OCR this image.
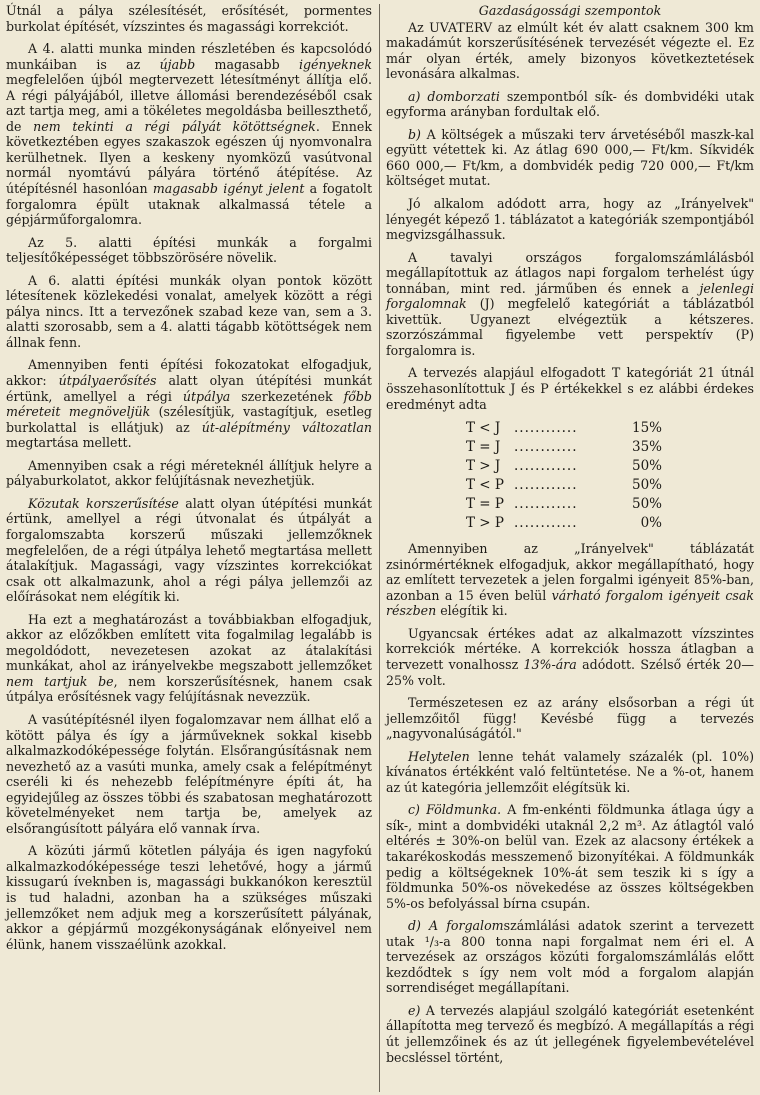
Útnál a pálya szélesítését, erősítését, pormentes burkolat építését, vízszintes és magassági korrekciót.

A 4. alatti munka minden részletében és kapcsolódó munkáiban is az újabb magasabb igényeknek megfelelően újból megtervezett létesítményt állítja elő. A régi pályájából, illetve állomási berendezéséből csak azt tartja meg, ami a tökéletes megoldásba beilleszthető, de nem tekinti a régi pályát kötöttségnek. Ennek következtében egyes szakaszok egészen új nyomvonalra kerülhetnek. Ilyen a keskeny nyomközű vasútvonal normál nyomtávú pályára történő átépítése. Az útépítésnél hasonlóan magasabb igényt jelent a fogatolt forgalomra épült utaknak alkalmassá tétele a gépjárműforgalomra.

Az 5. alatti építési munkák a forgalmi teljesítőképességet többszörösére növelik.

A 6. alatti építési munkák olyan pontok között létesítenek közlekedési vonalat, amelyek között a régi pálya nincs. Itt a tervezőnek szabad keze van, sem a 3. alatti szorosabb, sem a 4. alatti tágabb kötöttségek nem állnak fenn.

Amennyiben fenti építési fokozatokat elfogadjuk, akkor: útpályaerősítés alatt olyan útépítési munkát értünk, amellyel a régi útpálya szerkezetének főbb méreteit megnöveljük (szélesítjük, vastagítjuk, esetleg burkolattal is ellátjuk) az út-alépítmény változatlan megtartása mellett.

Amennyiben csak a régi méreteknél állítjuk helyre a pályaburkolatot, akkor felújításnak nevezhetjük.

Közutak korszerűsítése alatt olyan útépítési munkát értünk, amellyel a régi útvonalat és útpályát a forgalomszabta korszerű műszaki jellemzőknek megfelelően, de a régi útpálya lehető megtartása mellett átalakítjuk. Magassági, vagy vízszintes korrekciókat csak ott alkalmazunk, ahol a régi pálya jellemzői az előírásokat nem elégítik ki.

Ha ezt a meghatározást a továbbiakban elfogadjuk, akkor az előzőkben említett vita fogalmilag legalább is megoldódott, nevezetesen azokat az átalakítási munkákat, ahol az irányelvekbe megszabott jellemzőket nem tartjuk be, nem korszerűsítésnek, hanem csak útpálya erősítésnek vagy felújításnak nevezzük.

A vasútépítésnél ilyen fogalomzavar nem állhat elő a kötött pálya és így a járműveknek sokkal kisebb alkalmazkodóképessége folytán. Elsőrangúsításnak nem nevezhető az a vasúti munka, amely csak a felépítményt cseréli ki és nehezebb felépítményre építi át, ha egyidejűleg az összes többi és szabatosan meghatározott követelményeket nem tartja be, amelyek az elsőrangúsított pályára elő vannak írva.

A közúti jármű kötetlen pályája és igen nagyfokú alkalmazkodóképessége teszi lehetővé, hogy a jármű kissugarú íveknben is, magassági bukkanókon keresztül is tud haladni, azonban ha a szükséges műszaki jellemzőket nem adjuk meg a korszerűsített pályának, akkor a gépjármű mozgékonyságának előnyeivel nem élünk, hanem visszaélünk azokkal.

Gazdaságossági szempontok

Az UVATERV az elmúlt két év alatt csaknem 300 km makadámút korszerűsítésének tervezését végezte el. Ez már olyan érték, amely bizonyos következtetések levonására alkalmas.

a) domborzati szempontból sík- és dombvidéki utak egyforma arányban fordultak elő.

b) A költségek a műszaki terv árvetéséből maszk-kal együtt vétettek ki. Az átlag 690 000,— Ft/km. Síkvidék 660 000,— Ft/km, a dombvidék pedig 720 000,— Ft/km költséget mutat.

Jó alkalom adódott arra, hogy az „Irányelvek" lényegét képező 1. táblázatot a kategóriák szempontjából megvizsgálhassuk.

A tavalyi országos forgalomszámlálásból megállapítottuk az átlagos napi forgalom terhelést úgy tonnában, mint red. járműben és ennek a jelenlegi forgalomnak (J) megfelelő kategóriát a táblázatból kivettük. Ugyanezt elvégeztük a kétszeres. szorzószámmal figyelembe vett perspektív (P) forgalomra is.

A tervezés alapjául elfogadott T kategóriát 21 útnál összehasonlítottuk J és P értékekkel s ez alábbi érdekes eredményt adta

T < J	............	15%
T = J	............	35%
T > J	............	50%
T < P	............	50%
T = P	............	50%
T > P	............	0%

Amennyiben az „Irányelvek" táblázatát zsinórmértéknek elfogadjuk, akkor megállapítható, hogy az említett tervezetek a jelen forgalmi igényeit 85%-ban, azonban a 15 éven belül várható forgalom igényeit csak részben elégítik ki.

Ugyancsak értékes adat az alkalmazott vízszintes korrekciók mértéke. A korrekciók hossza átlagban a tervezett vonalhossz 13%-ára adódott. Szélső érték 20—25% volt.

Természetesen ez az arány elsősorban a régi út jellemzőitől függ! Kevésbé függ a tervezés „nagyvonalúságától."

Helytelen lenne tehát valamely százalék (pl. 10%) kívánatos értékként való feltüntetése. Ne a %-ot, hanem az út kategória jellemzőit elégítsük ki.

c) Földmunka. A fm-enkénti földmunka átlaga úgy a sík-, mint a dombvidéki utaknál 2,2 m³. Az átlagtól való eltérés ± 30%-on belül van. Ezek az alacsony értékek a takarékoskodás messzemenő bizonyítékai. A földmunkák pedig a költségeknek 10%-át sem teszik ki s így a földmunka 50%-os növekedése az összes költségekben 5%-os befolyással bírna csupán.

d) A forgalomszámlálási adatok szerint a tervezett utak ¹/₃-a 800 tonna napi forgalmat nem éri el. A tervezések az országos közúti forgalomszámlálás előtt kezdődtek s így nem volt mód a forgalom alapján sorrendiséget megállapítani.

e) A tervezés alapjául szolgáló kategóriát esetenként állapította meg tervező és megbízó. A megállapítás a régi út jellemzőinek és az út jellegének figyelembevételével becsléssel történt,
